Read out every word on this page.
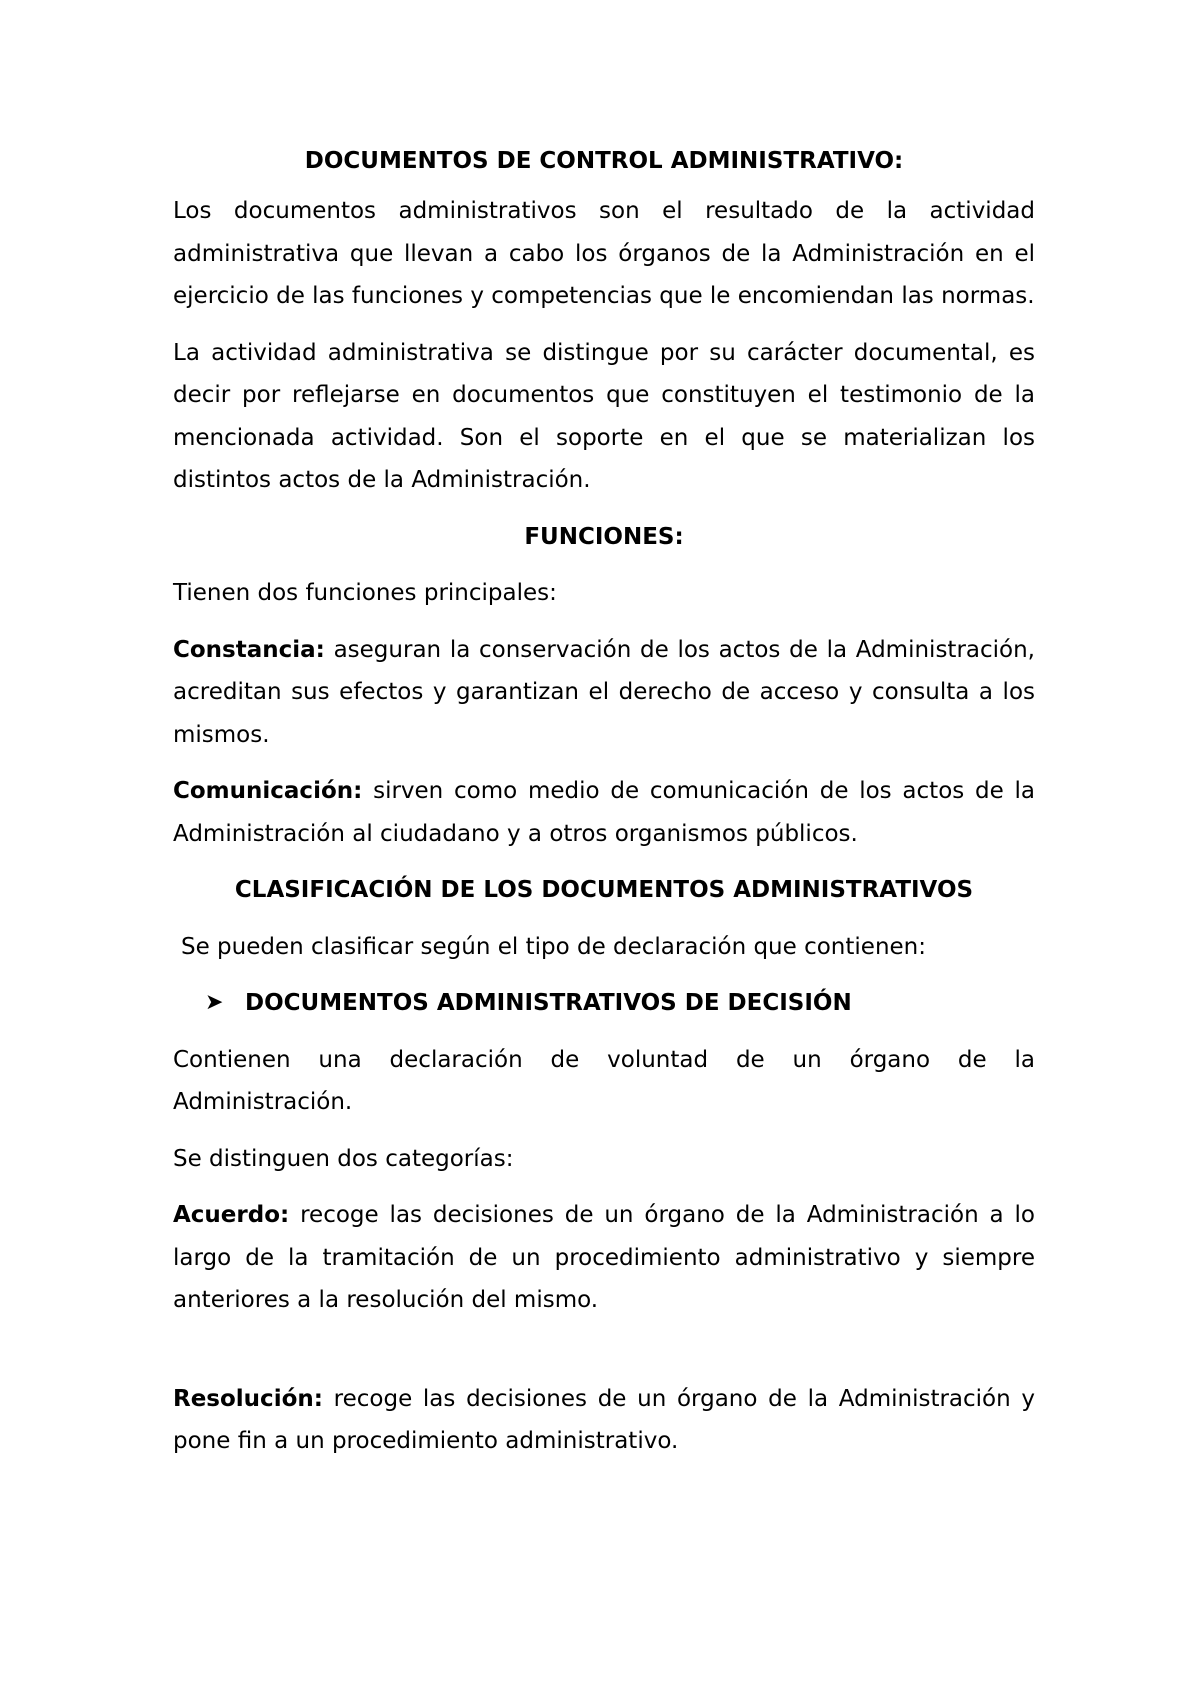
DOCUMENTOS DE CONTROL ADMINISTRATIVO:

Los documentos administrativos son el resultado de la actividad administrativa que llevan a cabo los órganos de la Administración en el ejercicio de las funciones y competencias que le encomiendan las normas.

La actividad administrativa se distingue por su carácter documental, es decir por reflejarse en documentos que constituyen el testimonio de la mencionada actividad. Son el soporte en el que se materializan los distintos actos de la Administración.

FUNCIONES:

Tienen dos funciones principales:

Constancia: aseguran la conservación de los actos de la Administración, acreditan sus efectos y garantizan el derecho de acceso y consulta a los mismos.

Comunicación: sirven como medio de comunicación de los actos de la Administración al ciudadano y a otros organismos públicos.

CLASIFICACIÓN DE LOS DOCUMENTOS ADMINISTRATIVOS

Se pueden clasificar según el tipo de declaración que contienen:

➤ DOCUMENTOS ADMINISTRATIVOS DE DECISIÓN

Contienen una declaración de voluntad de un órgano de la Administración.

Se distinguen dos categorías:

Acuerdo: recoge las decisiones de un órgano de la Administración a lo largo de la tramitación de un procedimiento administrativo y siempre anteriores a la resolución del mismo.

Resolución: recoge las decisiones de un órgano de la Administración y pone fin a un procedimiento administrativo.
